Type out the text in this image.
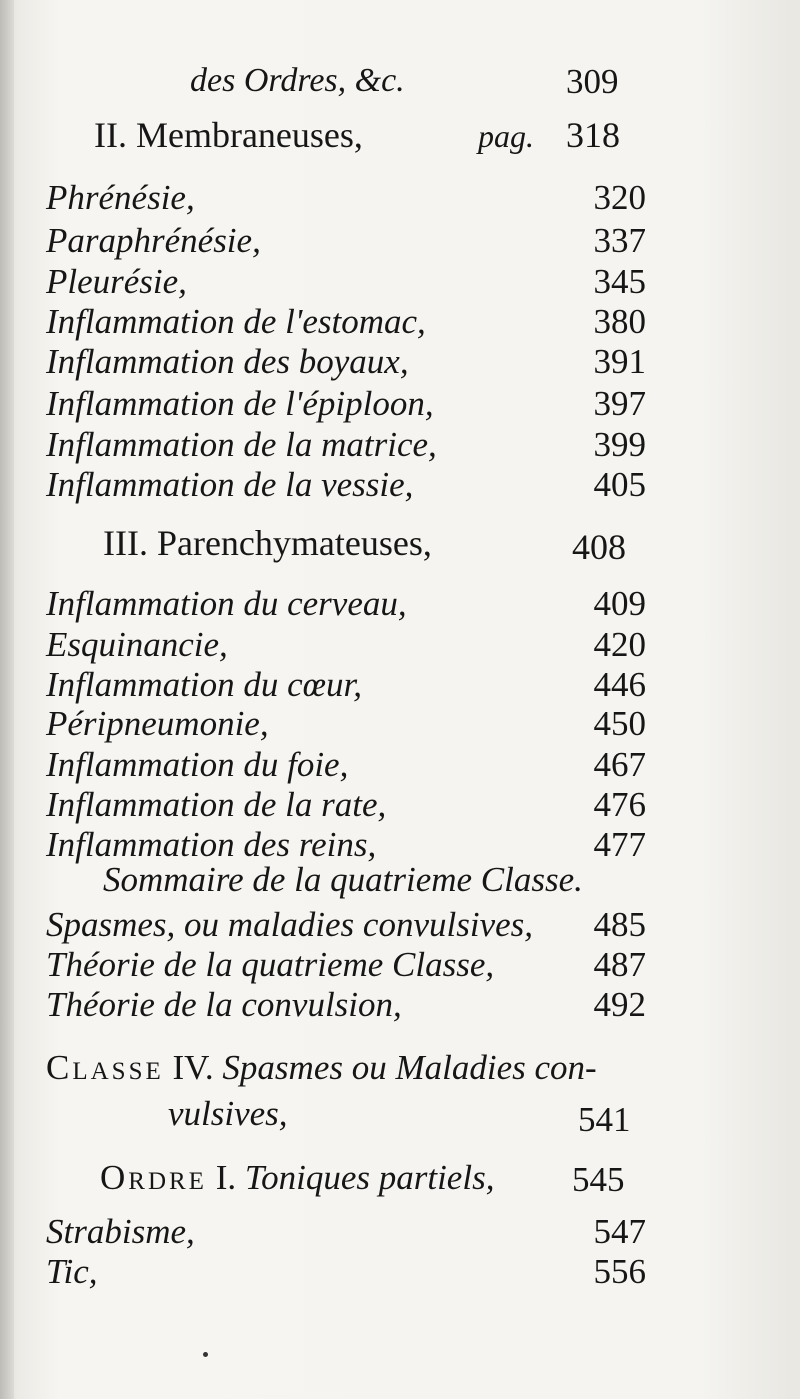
des Ordres, &c.	309
II. Membraneuses,	pag. 318
Phrénésie,	320
Paraphrénésie,	337
Pleurésie,	345
Inflammation de l'estomac,	380
Inflammation des boyaux,	391
Inflammation de l'épiploon,	397
Inflammation de la matrice,	399
Inflammation de la vessie,	405
III. Parenchymateuses,	408
Inflammation du cerveau,	409
Esquinancie,	420
Inflammation du cœur,	446
Péripneumonie,	450
Inflammation du foie,	467
Inflammation de la rate,	476
Inflammation des reins,	477
Sommaire de la quatrieme Classe.
Spasmes, ou maladies convulsives, 485
Théorie de la quatrieme Classe,	487
Théorie de la convulsion,	492
Classe IV. Spasmes ou Maladies con-
vulsives,	541
Ordre I. Toniques partiels, 545
Strabisme,	547
Tic,	556
